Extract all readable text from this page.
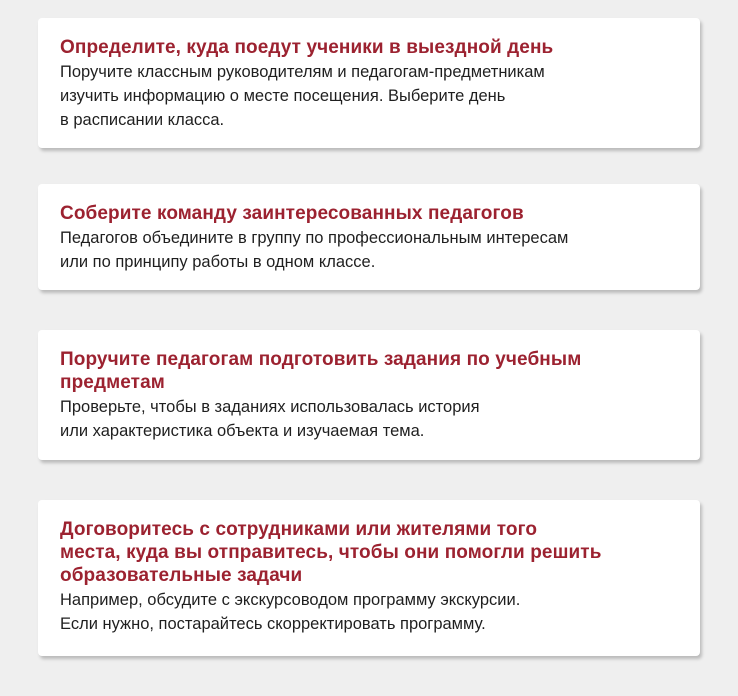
Определите, куда поедут ученики в выездной день
Поручите классным руководителям и педагогам-предметникам
изучить информацию о месте посещения. Выберите день
в расписании класса.
Соберите команду заинтересованных педагогов
Педагогов объедините в группу по профессиональным интересам
или по принципу работы в одном классе.
Поручите педагогам подготовить задания по учебным
предметам
Проверьте, чтобы в заданиях использовалась история
или характеристика объекта и изучаемая тема.
Договоритесь с сотрудниками или жителями того
места, куда вы отправитесь, чтобы они помогли решить
образовательные задачи
Например, обсудите с экскурсоводом программу экскурсии.
Если нужно, постарайтесь скорректировать программу.
